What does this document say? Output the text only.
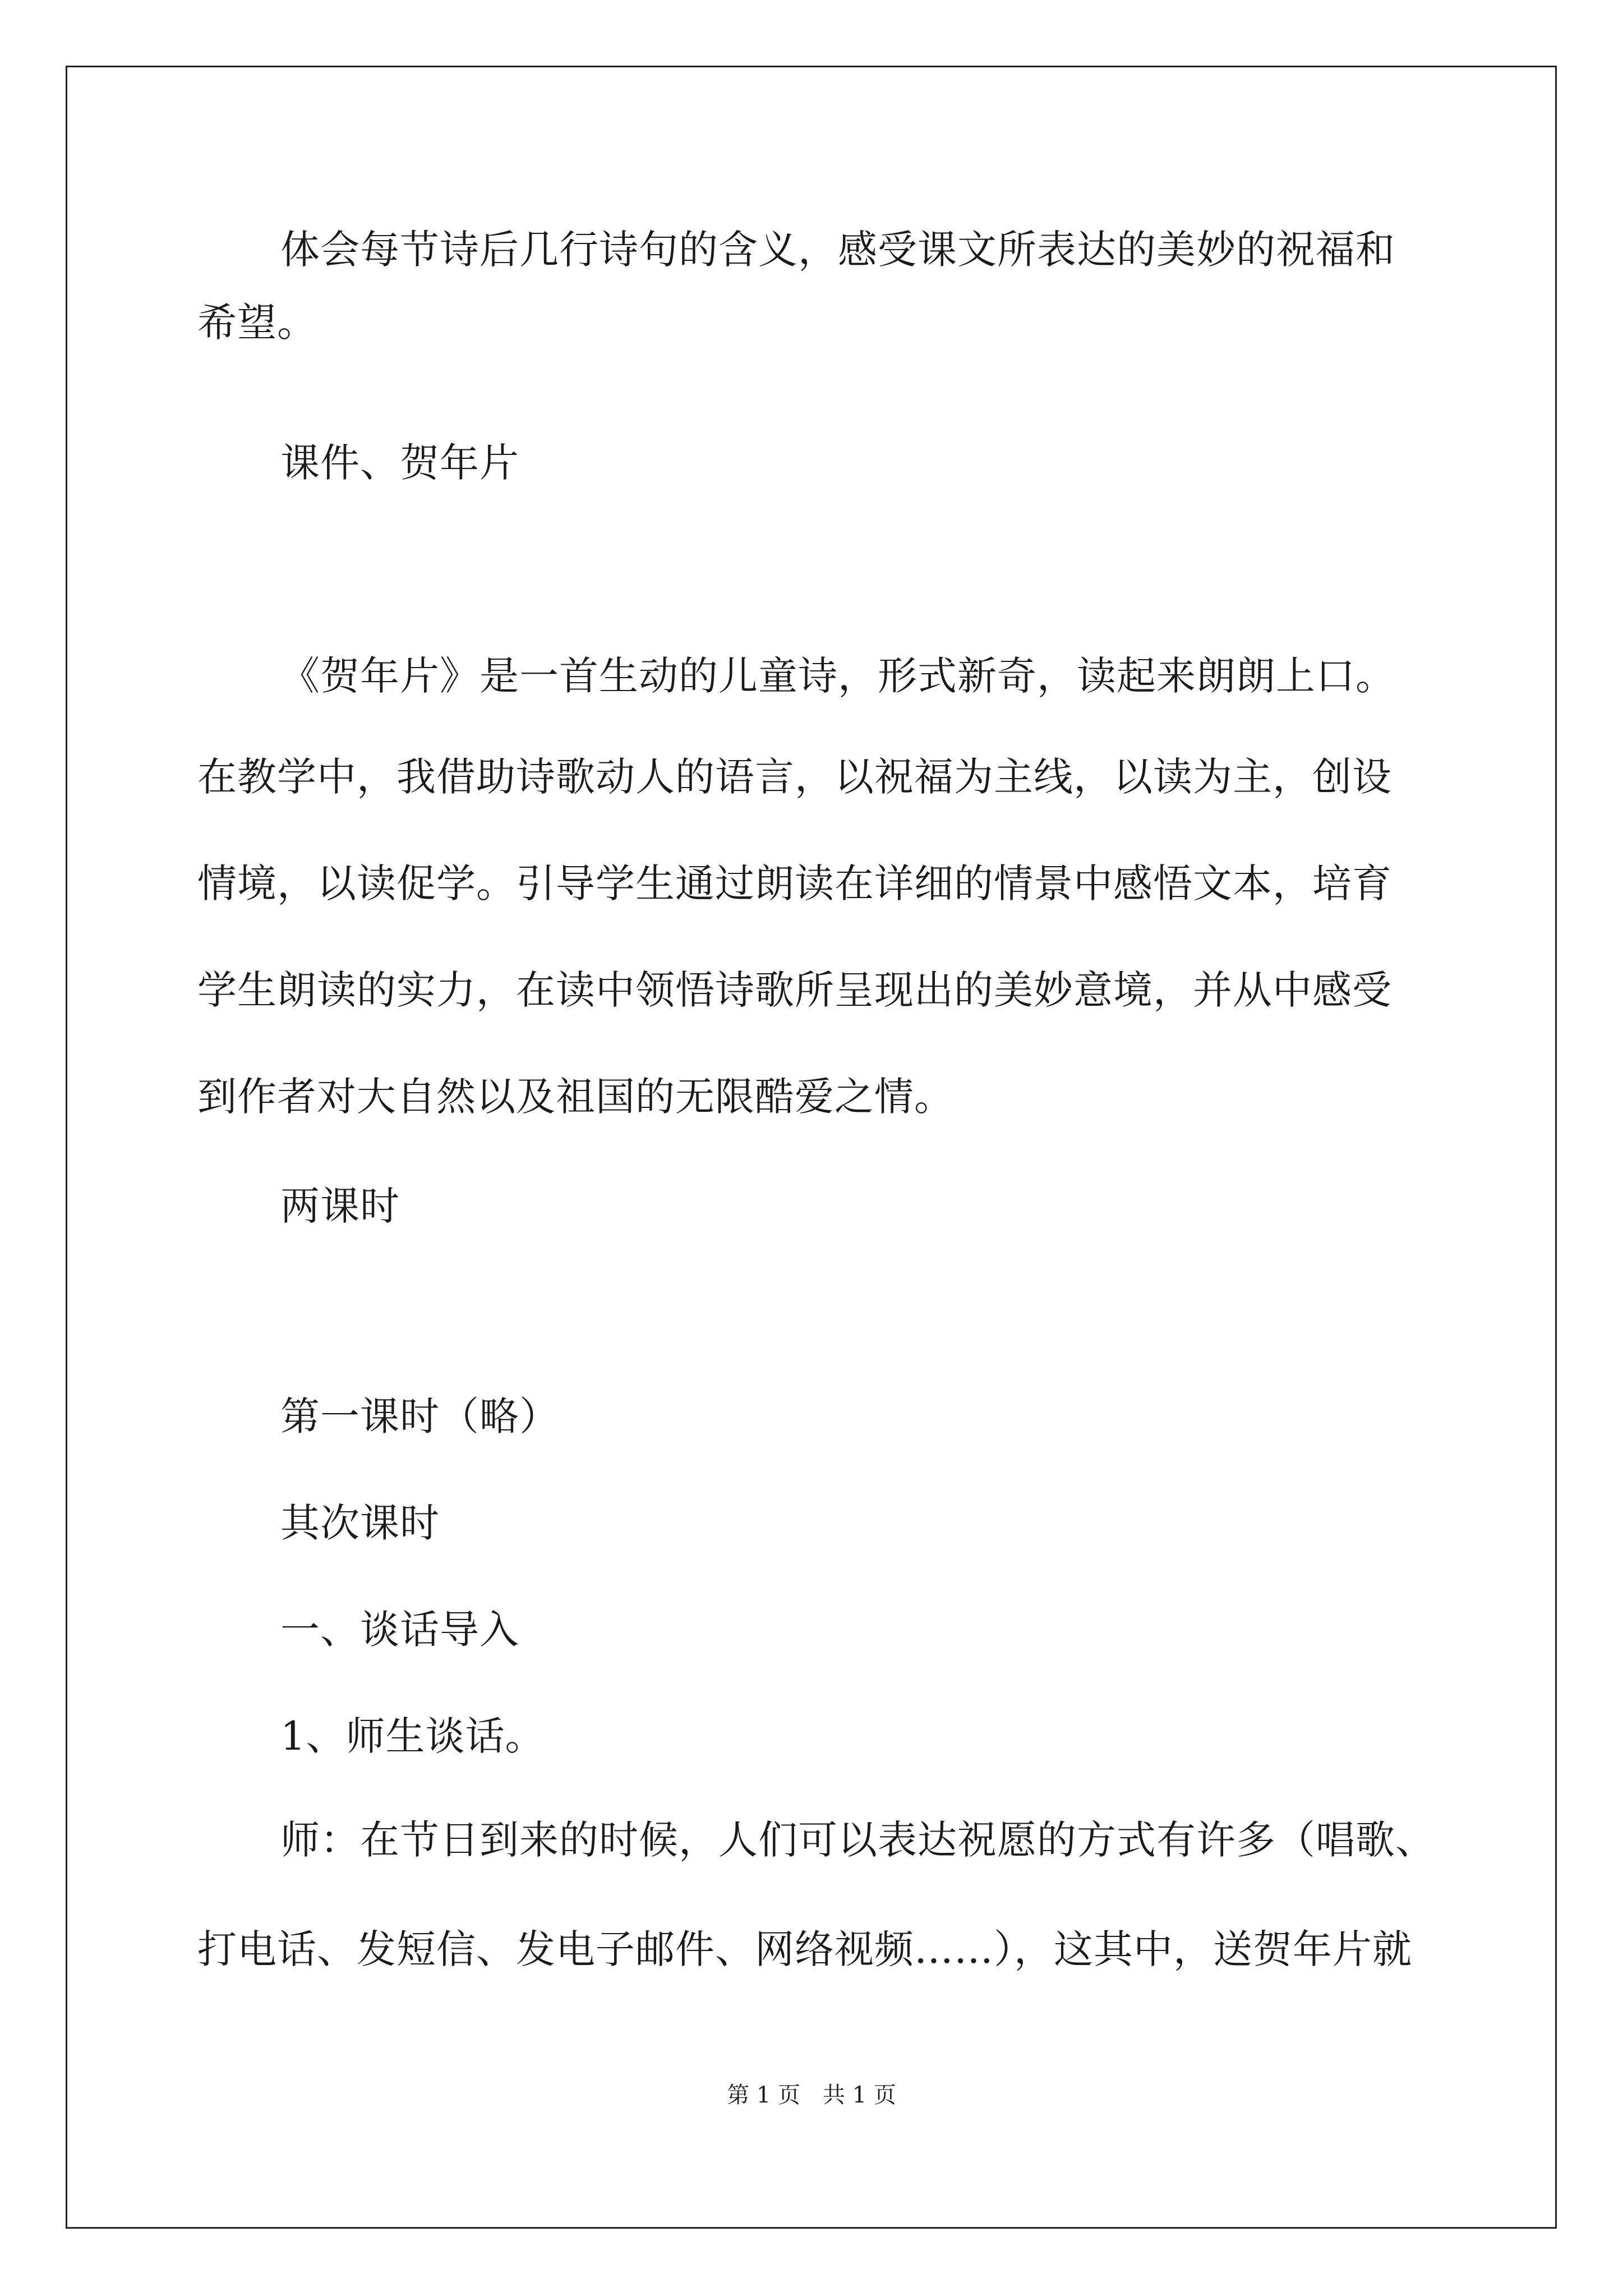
体会每节诗后几行诗句的含义，感受课文所表达的美妙的祝福和
希望。
课件、贺年片
《贺年片》是一首生动的儿童诗，形式新奇，读起来朗朗上口。
在教学中，我借助诗歌动人的语言，以祝福为主线，以读为主，创设
情境，以读促学。引导学生通过朗读在详细的情景中感悟文本，培育
学生朗读的实力，在读中领悟诗歌所呈现出的美妙意境，并从中感受
到作者对大自然以及祖国的无限酷爱之情。
两课时
第一课时（略）
其次课时
一、谈话导入
1、师生谈话。
师：在节日到来的时候，人们可以表达祝愿的方式有许多（唱歌、
打电话、发短信、发电子邮件、网络视频……），这其中，送贺年片就
第 1 页　共 1 页
